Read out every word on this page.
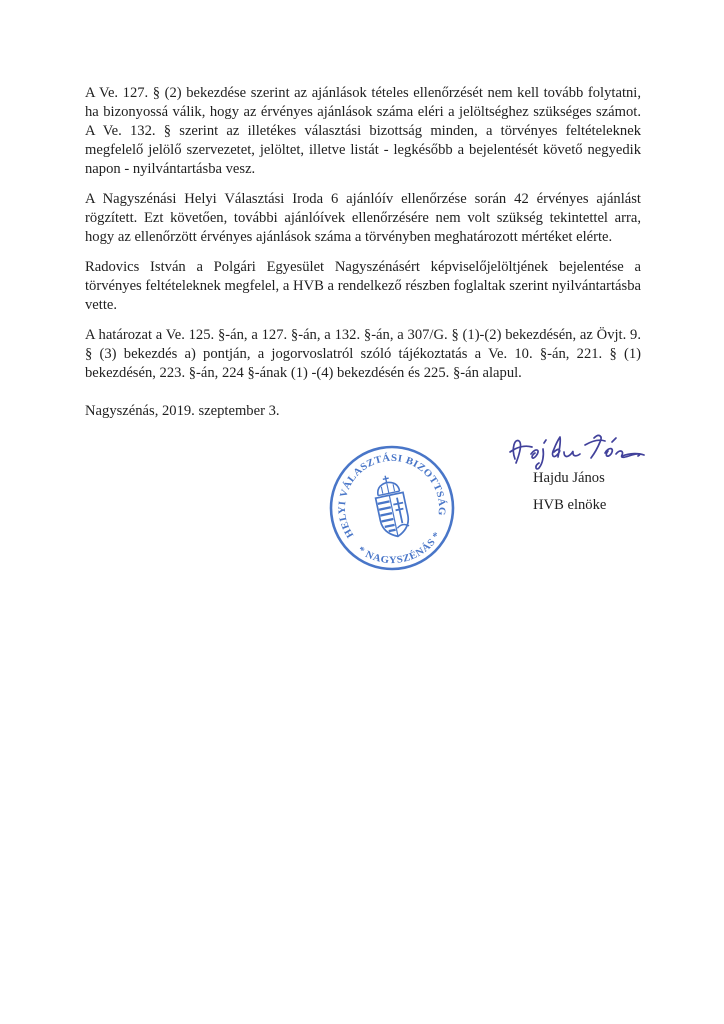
A Ve. 127. § (2) bekezdése szerint az ajánlások tételes ellenőrzését nem kell tovább folytatni, ha bizonyossá válik, hogy az érvényes ajánlások száma eléri a jelöltséghez szükséges számot. A Ve. 132. § szerint az illetékes választási bizottság minden, a törvényes feltételeknek megfelelő jelölő szervezetet, jelöltet, illetve listát - legkésőbb a bejelentését követő negyedik napon - nyilvántartásba vesz.

A Nagyszénási Helyi Választási Iroda 6 ajánlóív ellenőrzése során 42 érvényes ajánlást rögzített. Ezt követően, további ajánlóívek ellenőrzésére nem volt szükség tekintettel arra, hogy az ellenőrzött érvényes ajánlások száma a törvényben meghatározott mértéket elérte.

Radovics István a Polgári Egyesület Nagyszénásért képviselőjelöltjének bejelentése a törvényes feltételeknek megfelel, a HVB a rendelkező részben foglaltak szerint nyilvántartásba vette.

A határozat a Ve. 125. §-án, a 127. §-án, a 132. §-án, a 307/G. § (1)-(2) bekezdésén, az Övjt. 9. § (3) bekezdés a) pontján, a jogorvoslatról szóló tájékoztatás a Ve. 10. §-án, 221. § (1) bekezdésén, 223. §-án, 224 §-ának (1) -(4) bekezdésén és 225. §-án alapul.

Nagyszénás, 2019. szeptember 3.

HELYI VÁLASZTÁSI BIZOTTSÁG
* NAGYSZÉNÁS *
Hajdu János
HVB elnöke
